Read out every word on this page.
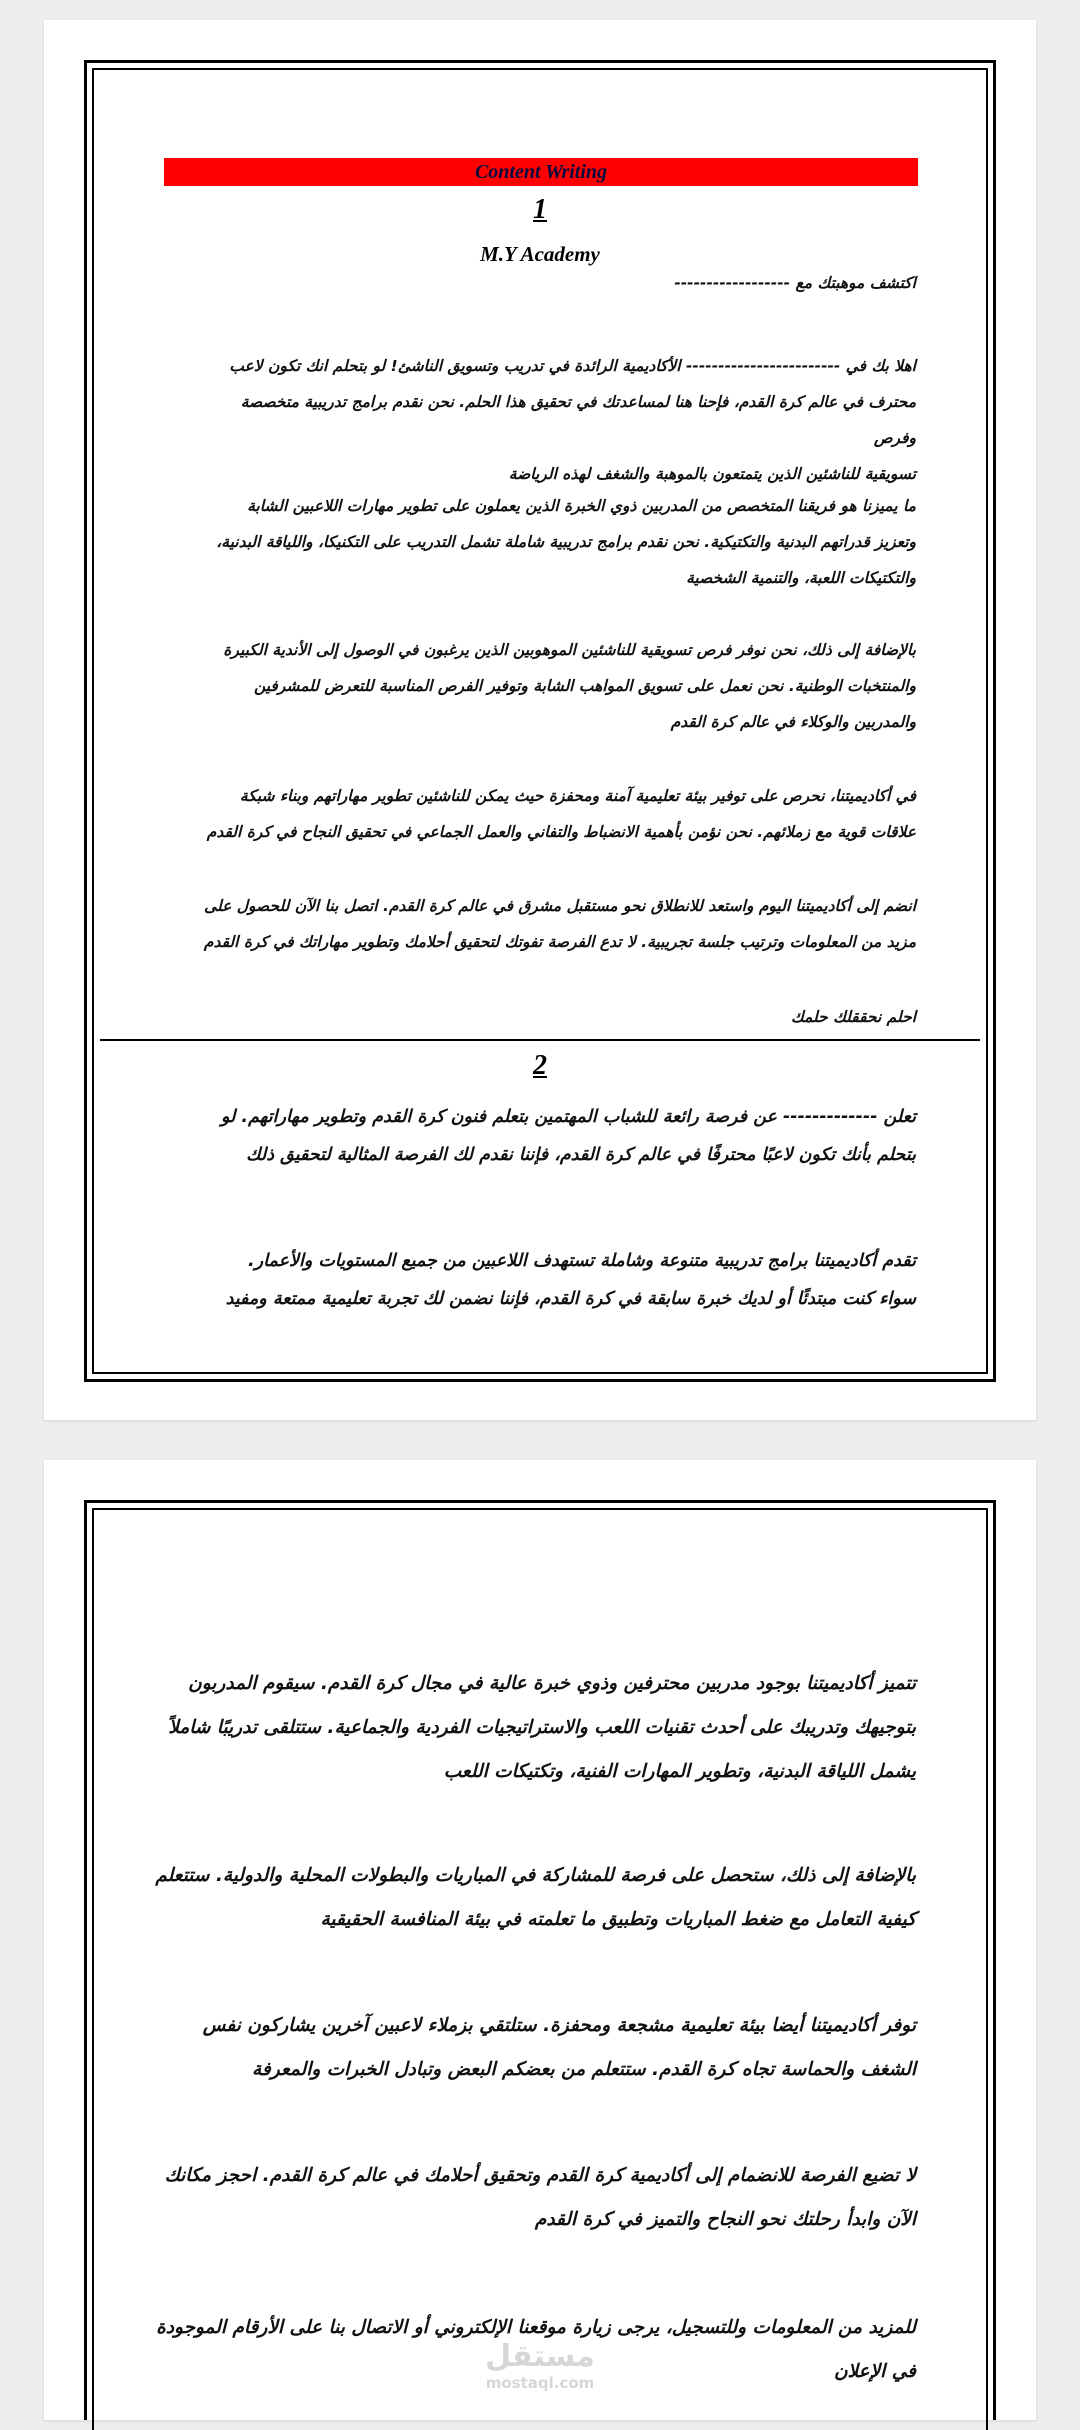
Content Writing
1
M.Y Academy
اكتشف موهبتك مع ------------------
اهلا بك في ------------------------ الأكاديمية الرائدة في تدريب وتسويق الناشئ! لو بتحلم انك تكون لاعب
محترف في عالم كرة القدم، فإحنا هنا لمساعدتك في تحقيق هذا الحلم. نحن نقدم برامج تدريبية متخصصة وفرص
تسويقية للناشئين الذين يتمتعون بالموهبة والشغف لهذه الرياضة
ما يميزنا هو فريقنا المتخصص من المدربين ذوي الخبرة الذين يعملون على تطوير مهارات اللاعبين الشابة
وتعزيز قدراتهم البدنية والتكتيكية. نحن نقدم برامج تدريبية شاملة تشمل التدريب على التكنيكا، واللياقة البدنية،
والتكتيكات اللعبة، والتنمية الشخصية
بالإضافة إلى ذلك، نحن نوفر فرص تسويقية للناشئين الموهوبين الذين يرغبون في الوصول إلى الأندية الكبيرة
والمنتخبات الوطنية. نحن نعمل على تسويق المواهب الشابة وتوفير الفرص المناسبة للتعرض للمشرفين
والمدربين والوكلاء في عالم كرة القدم
في أكاديميتنا، نحرص على توفير بيئة تعليمية آمنة ومحفزة حيث يمكن للناشئين تطوير مهاراتهم وبناء شبكة
علاقات قوية مع زملائهم. نحن نؤمن بأهمية الانضباط والتفاني والعمل الجماعي في تحقيق النجاح في كرة القدم
انضم إلى أكاديميتنا اليوم واستعد للانطلاق نحو مستقبل مشرق في عالم كرة القدم. اتصل بنا الآن للحصول على
مزيد من المعلومات وترتيب جلسة تجريبية. لا تدع الفرصة تفوتك لتحقيق أحلامك وتطوير مهاراتك في كرة القدم
احلم نحققلك حلمك
2
تعلن ------------- عن فرصة رائعة للشباب المهتمين بتعلم فنون كرة القدم وتطوير مهاراتهم. لو
بتحلم بأنك تكون لاعبًا محترفًا في عالم كرة القدم، فإننا نقدم لك الفرصة المثالية لتحقيق ذلك
تقدم أكاديميتنا برامج تدريبية متنوعة وشاملة تستهدف اللاعبين من جميع المستويات والأعمار.
سواء كنت مبتدئًا أو لديك خبرة سابقة في كرة القدم، فإننا نضمن لك تجربة تعليمية ممتعة ومفيد
تتميز أكاديميتنا بوجود مدربين محترفين وذوي خبرة عالية في مجال كرة القدم. سيقوم المدربون
بتوجيهك وتدريبك على أحدث تقنيات اللعب والاستراتيجيات الفردية والجماعية. ستتلقى تدريبًا شاملاً
يشمل اللياقة البدنية، وتطوير المهارات الفنية، وتكتيكات اللعب
بالإضافة إلى ذلك، ستحصل على فرصة للمشاركة في المباريات والبطولات المحلية والدولية. ستتعلم
كيفية التعامل مع ضغط المباريات وتطبيق ما تعلمته في بيئة المنافسة الحقيقية
توفر أكاديميتنا أيضا بيئة تعليمية مشجعة ومحفزة. ستلتقي بزملاء لاعبين آخرين يشاركون نفس
الشغف والحماسة تجاه كرة القدم. ستتعلم من بعضكم البعض وتبادل الخبرات والمعرفة
لا تضيع الفرصة للانضمام إلى أكاديمية كرة القدم وتحقيق أحلامك في عالم كرة القدم. احجز مكانك
الآن وابدأ رحلتك نحو النجاح والتميز في كرة القدم
للمزيد من المعلومات وللتسجيل، يرجى زيارة موقعنا الإلكتروني أو الاتصال بنا على الأرقام الموجودة
في الإعلان
مستقل
mostaql.com
